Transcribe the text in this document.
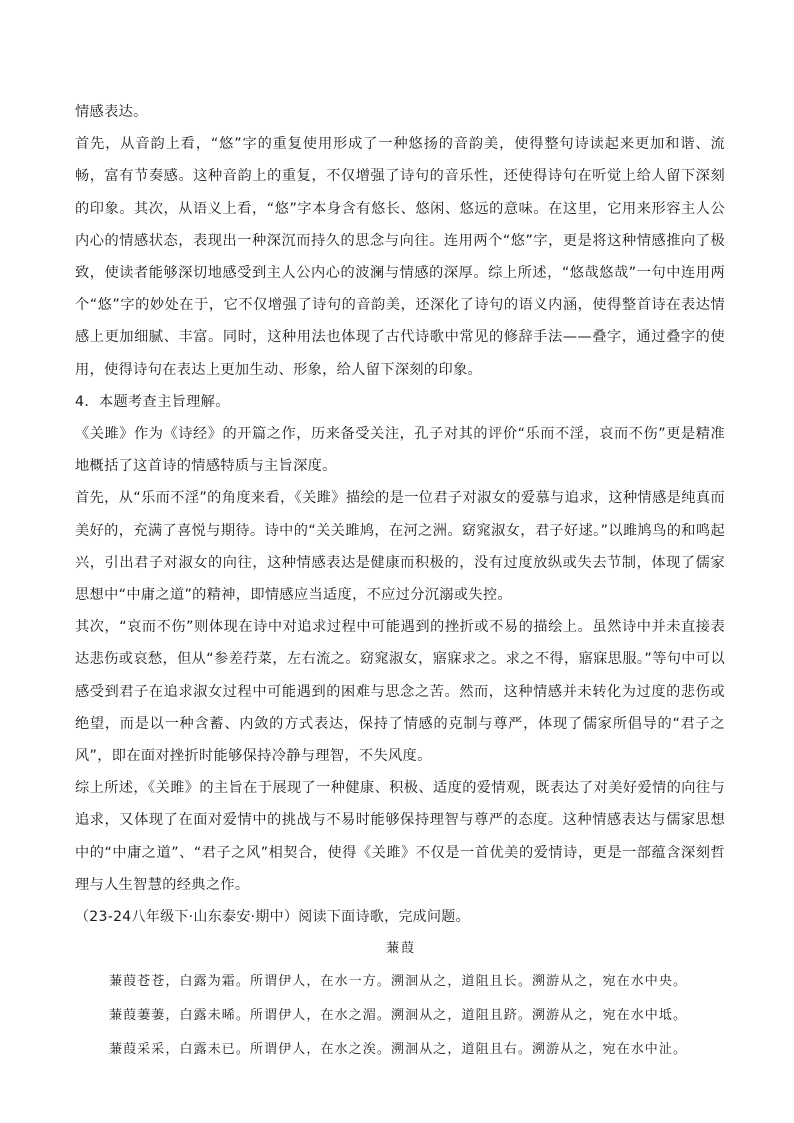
情感表达。

首先，从音韵上看，“悠”字的重复使用形成了一种悠扬的音韵美，使得整句诗读起来更加和谐、流畅，富有节奏感。这种音韵上的重复，不仅增强了诗句的音乐性，还使得诗句在听觉上给人留下深刻的印象。其次，从语义上看，“悠”字本身含有悠长、悠闲、悠远的意味。在这里，它用来形容主人公内心的情感状态，表现出一种深沉而持久的思念与向往。连用两个“悠”字，更是将这种情感推向了极致，使读者能够深切地感受到主人公内心的波澜与情感的深厚。综上所述，“悠哉悠哉”一句中连用两个“悠”字的妙处在于，它不仅增强了诗句的音韵美，还深化了诗句的语义内涵，使得整首诗在表达情感上更加细腻、丰富。同时，这种用法也体现了古代诗歌中常见的修辞手法——叠字，通过叠字的使用，使得诗句在表达上更加生动、形象，给人留下深刻的印象。

4．本题考查主旨理解。

《关雎》作为《诗经》的开篇之作，历来备受关注，孔子对其的评价“乐而不淫，哀而不伤”更是精准地概括了这首诗的情感特质与主旨深度。

首先，从“乐而不淫”的角度来看，《关雎》描绘的是一位君子对淑女的爱慕与追求，这种情感是纯真而美好的，充满了喜悦与期待。诗中的“关关雎鸠，在河之洲。窈窕淑女，君子好逑。”以雎鸠鸟的和鸣起兴，引出君子对淑女的向往，这种情感表达是健康而积极的，没有过度放纵或失去节制，体现了儒家思想中“中庸之道”的精神，即情感应当适度，不应过分沉溺或失控。

其次，“哀而不伤”则体现在诗中对追求过程中可能遇到的挫折或不易的描绘上。虽然诗中并未直接表达悲伤或哀愁，但从“参差荇菜，左右流之。窈窕淑女，寤寐求之。求之不得，寤寐思服。”等句中可以感受到君子在追求淑女过程中可能遇到的困难与思念之苦。然而，这种情感并未转化为过度的悲伤或绝望，而是以一种含蓄、内敛的方式表达，保持了情感的克制与尊严，体现了儒家所倡导的“君子之风”，即在面对挫折时能够保持冷静与理智，不失风度。

综上所述，《关雎》的主旨在于展现了一种健康、积极、适度的爱情观，既表达了对美好爱情的向往与追求，又体现了在面对爱情中的挑战与不易时能够保持理智与尊严的态度。这种情感表达与儒家思想中的“中庸之道”、“君子之风”相契合，使得《关雎》不仅是一首优美的爱情诗，更是一部蕴含深刻哲理与人生智慧的经典之作。

（23-24八年级下·山东泰安·期中）阅读下面诗歌，完成问题。

蒹葭

蒹葭苍苍，白露为霜。所谓伊人，在水一方。溯洄从之，道阻且长。溯游从之，宛在水中央。

蒹葭萋萋，白露未晞。所谓伊人，在水之湄。溯洄从之，道阻且跻。溯游从之，宛在水中坻。

蒹葭采采，白露未已。所谓伊人，在水之涘。溯洄从之，道阻且右。溯游从之，宛在水中沚。
